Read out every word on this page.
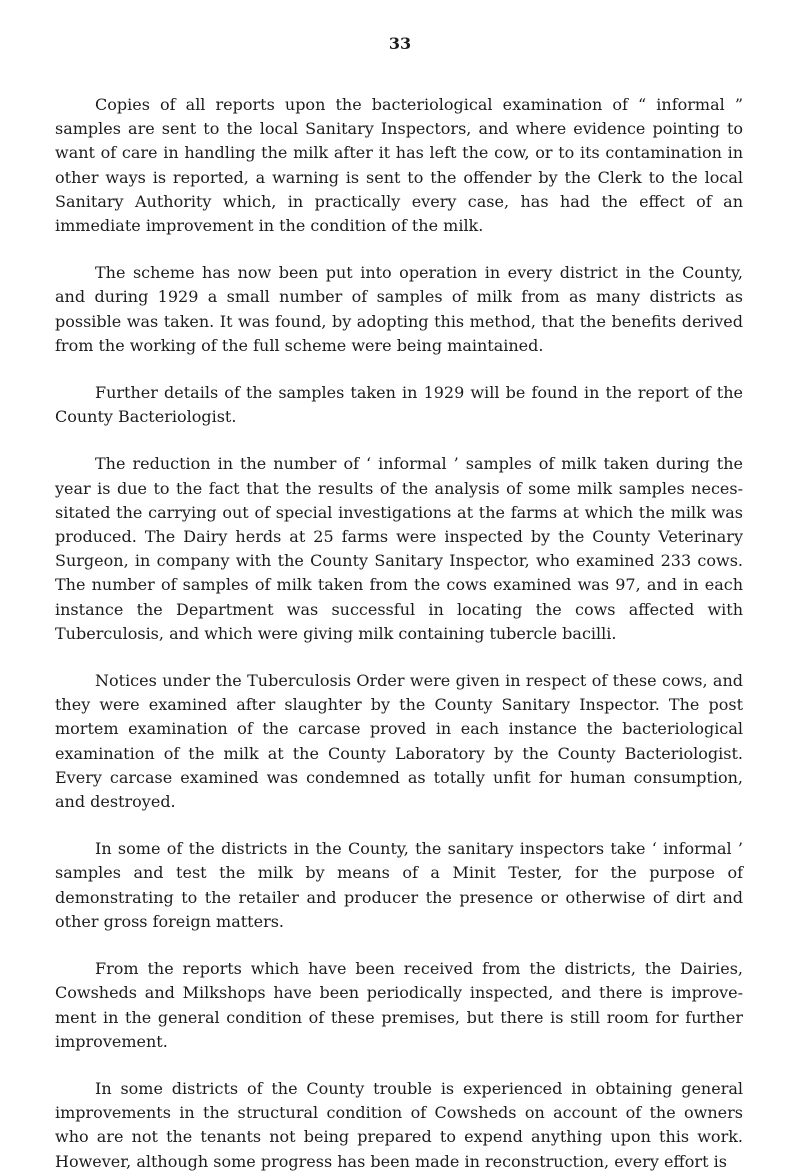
33

Copies of all reports upon the bacteriological examination of “ informal ” samples are sent to the local Sanitary Inspectors, and where evidence pointing to want of care in handling the milk after it has left the cow, or to its contamination in other ways is reported, a warning is sent to the offender by the Clerk to the local Sanitary Authority which, in practically every case, has had the effect of an immediate improvement in the condition of the milk.

The scheme has now been put into operation in every district in the County, and during 1929 a small number of samples of milk from as many districts as possible was taken. It was found, by adopting this method, that the benefits derived from the working of the full scheme were being maintained.

Further details of the samples taken in 1929 will be found in the report of the County Bacteriologist.

The reduction in the number of ‘ informal ’ samples of milk taken during the year is due to the fact that the results of the analysis of some milk samples necessitated the carrying out of special investigations at the farms at which the milk was produced. The Dairy herds at 25 farms were inspected by the County Veterinary Surgeon, in company with the County Sanitary Inspector, who examined 233 cows. The number of samples of milk taken from the cows examined was 97, and in each instance the Department was successful in locating the cows affected with Tuberculosis, and which were giving milk containing tubercle bacilli.

Notices under the Tuberculosis Order were given in respect of these cows, and they were examined after slaughter by the County Sanitary Inspector. The post mortem examination of the carcase proved in each instance the bacteriological examination of the milk at the County Laboratory by the County Bacteriologist. Every carcase examined was condemned as totally unfit for human consumption, and destroyed.

In some of the districts in the County, the sanitary inspectors take ‘ informal ’ samples and test the milk by means of a Minit Tester, for the purpose of demonstrating to the retailer and producer the presence or otherwise of dirt and other gross foreign matters.

From the reports which have been received from the districts, the Dairies, Cowsheds and Milkshops have been periodically inspected, and there is improvement in the general condition of these premises, but there is still room for further improvement.

In some districts of the County trouble is experienced in obtaining general improvements in the structural condition of Cowsheds on account of the owners who are not the tenants not being prepared to expend anything upon this work. However, although some progress has been made in reconstruction, every effort is
